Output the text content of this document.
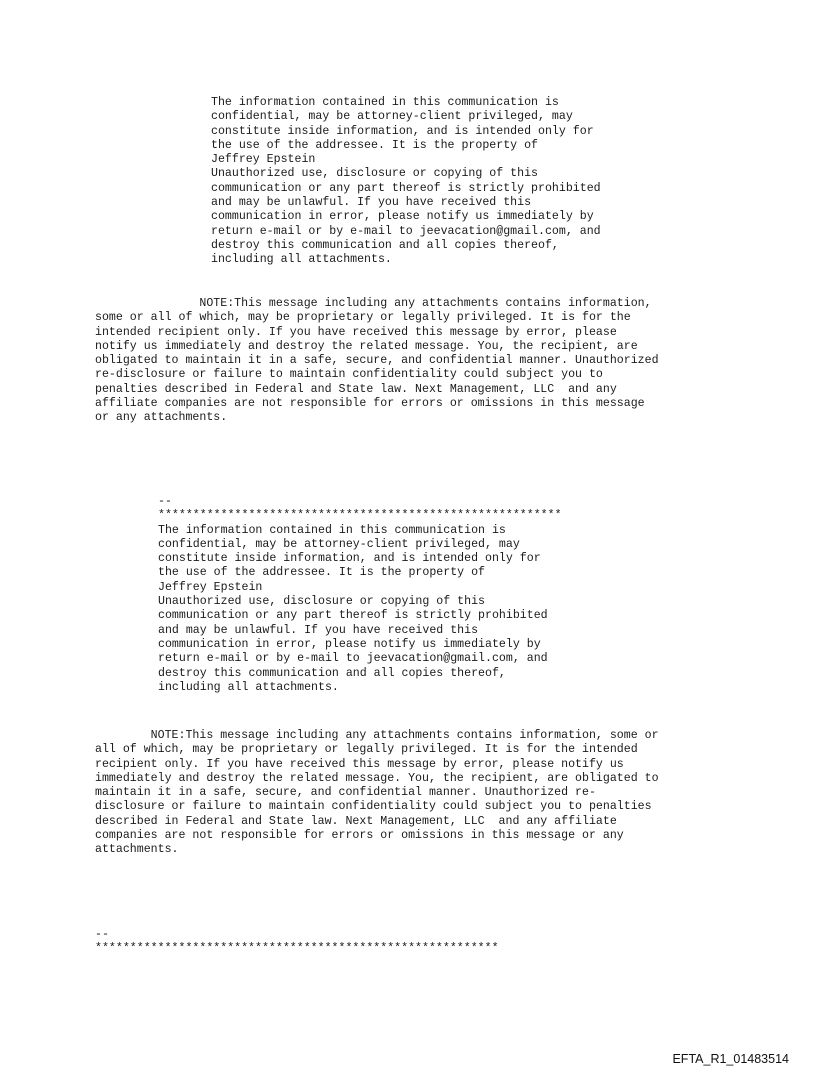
The information contained in this communication is
confidential, may be attorney-client privileged, may
constitute inside information, and is intended only for
the use of the addressee. It is the property of
Jeffrey Epstein
Unauthorized use, disclosure or copying of this
communication or any part thereof is strictly prohibited
and may be unlawful. If you have received this
communication in error, please notify us immediately by
return e-mail or by e-mail to jeevacation@gmail.com, and
destroy this communication and all copies thereof,
including all attachments.
NOTE:This message including any attachments contains information,
some or all of which, may be proprietary or legally privileged. It is for the
intended recipient only. If you have received this message by error, please
notify us immediately and destroy the related message. You, the recipient, are
obligated to maintain it in a safe, secure, and confidential manner. Unauthorized
re-disclosure or failure to maintain confidentiality could subject you to
penalties described in Federal and State law. Next Management, LLC  and any
affiliate companies are not responsible for errors or omissions in this message
or any attachments.
--
**********************************************************
The information contained in this communication is
confidential, may be attorney-client privileged, may
constitute inside information, and is intended only for
the use of the addressee. It is the property of
Jeffrey Epstein
Unauthorized use, disclosure or copying of this
communication or any part thereof is strictly prohibited
and may be unlawful. If you have received this
communication in error, please notify us immediately by
return e-mail or by e-mail to jeevacation@gmail.com, and
destroy this communication and all copies thereof,
including all attachments.
NOTE:This message including any attachments contains information, some or
all of which, may be proprietary or legally privileged. It is for the intended
recipient only. If you have received this message by error, please notify us
immediately and destroy the related message. You, the recipient, are obligated to
maintain it in a safe, secure, and confidential manner. Unauthorized re-
disclosure or failure to maintain confidentiality could subject you to penalties
described in Federal and State law. Next Management, LLC  and any affiliate
companies are not responsible for errors or omissions in this message or any
attachments.
--
**********************************************************
EFTA_R1_01483514
